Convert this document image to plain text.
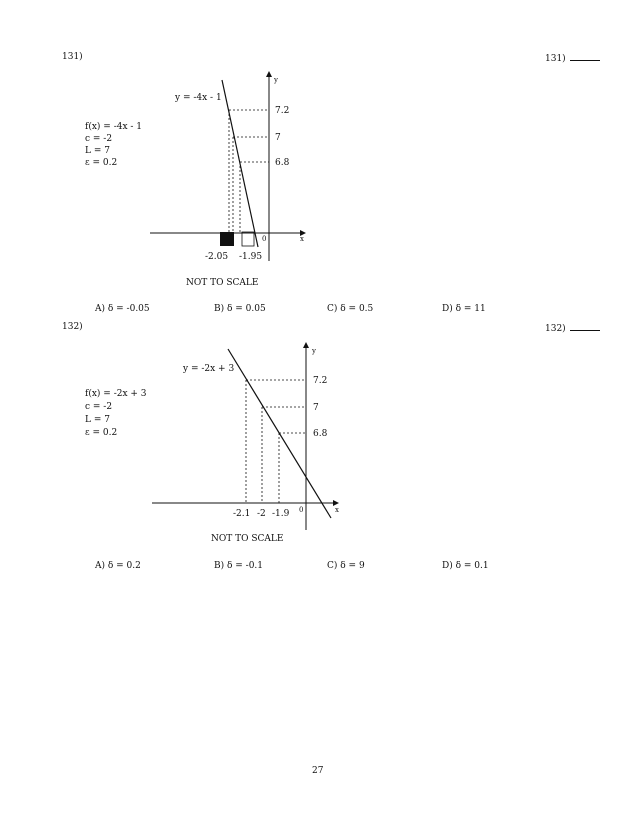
131)	131)
f(x) = -4x - 1
c = -2
L = 7
ε = 0.2
y = -4x - 1
7.2
7
6.8
-2.05 -1.95
0	x
y
NOT TO SCALE
A) δ = -0.05	B) δ = 0.05	C) δ = 0.5	D) δ = 11
132)	132)
f(x) = -2x + 3
c = -2
L = 7
ε = 0.2
y = -2x + 3
7.2
7
6.8
-2.1 -2 -1.9 0	x
y
NOT TO SCALE
A) δ = 0.2	B) δ = -0.1	C) δ = 9	D) δ = 0.1
27
